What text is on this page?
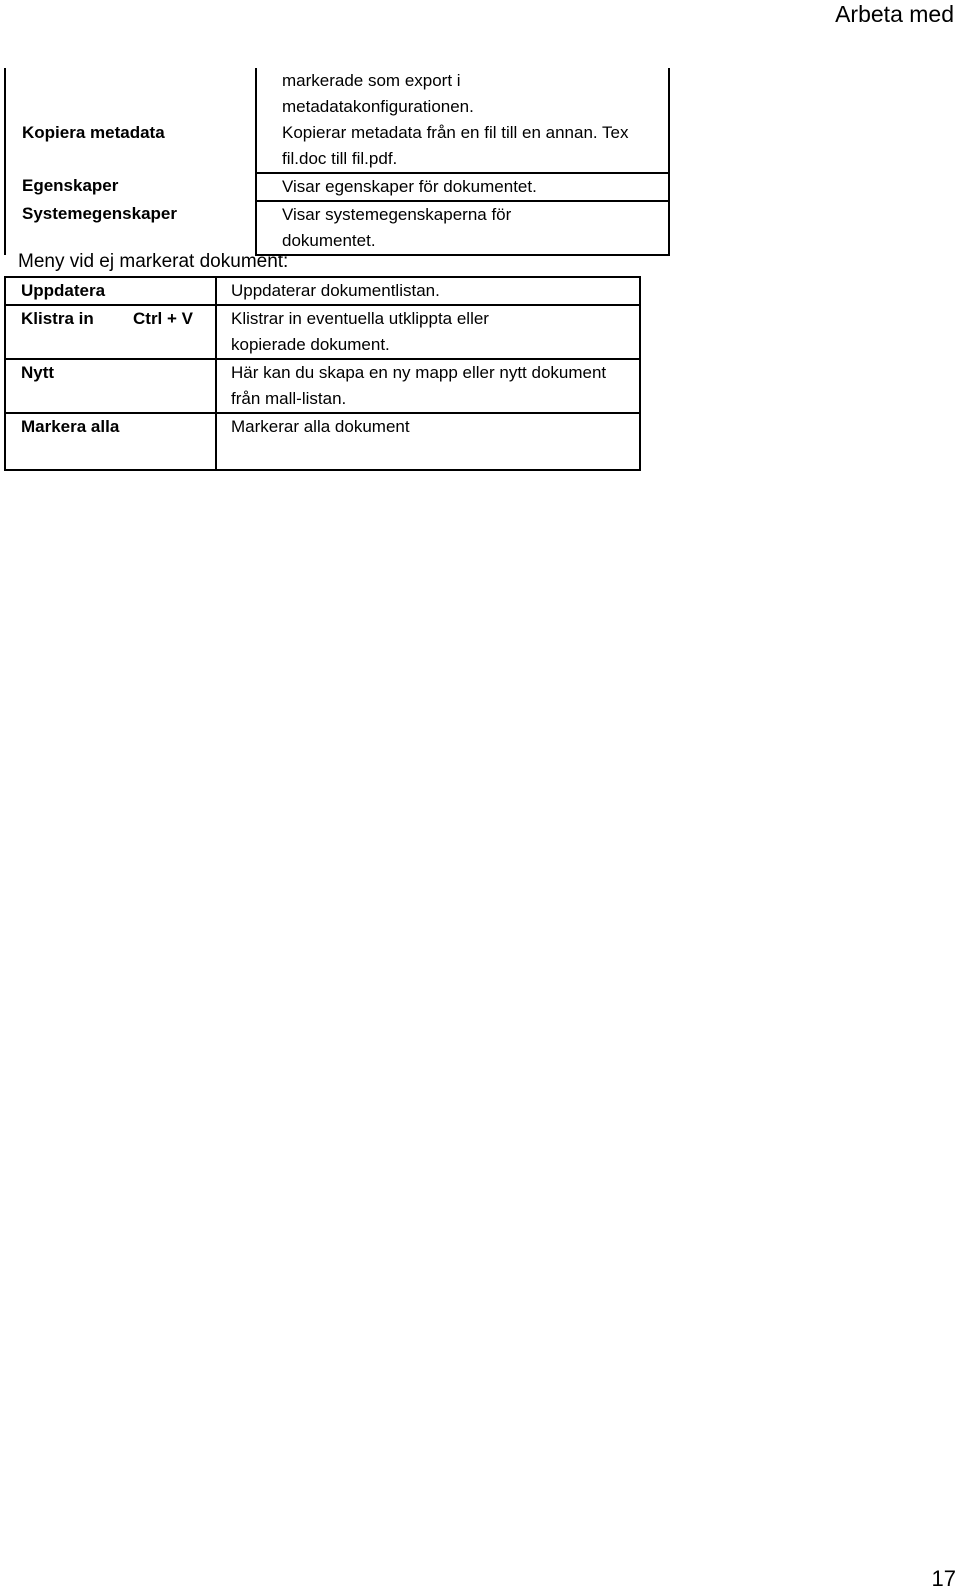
Arbeta med
	markerade som export i metadatakonfigurationen.
Kopiera metadata	Kopierar metadata från en fil till en annan. Tex fil.doc till fil.pdf.
Egenskaper	Visar egenskaper för dokumentet.
Systemegenskaper	Visar systemegenskaperna för dokumentet.
Meny vid ej markerat dokument:
Uppdatera	Uppdaterar dokumentlistan.

Klistra in Ctrl + V	Klistrar in eventuella utklippta eller kopierade dokument.
Nytt	Här kan du skapa en ny mapp eller nytt dokument från mall-listan.
Markera alla	Markerar alla dokument
17
